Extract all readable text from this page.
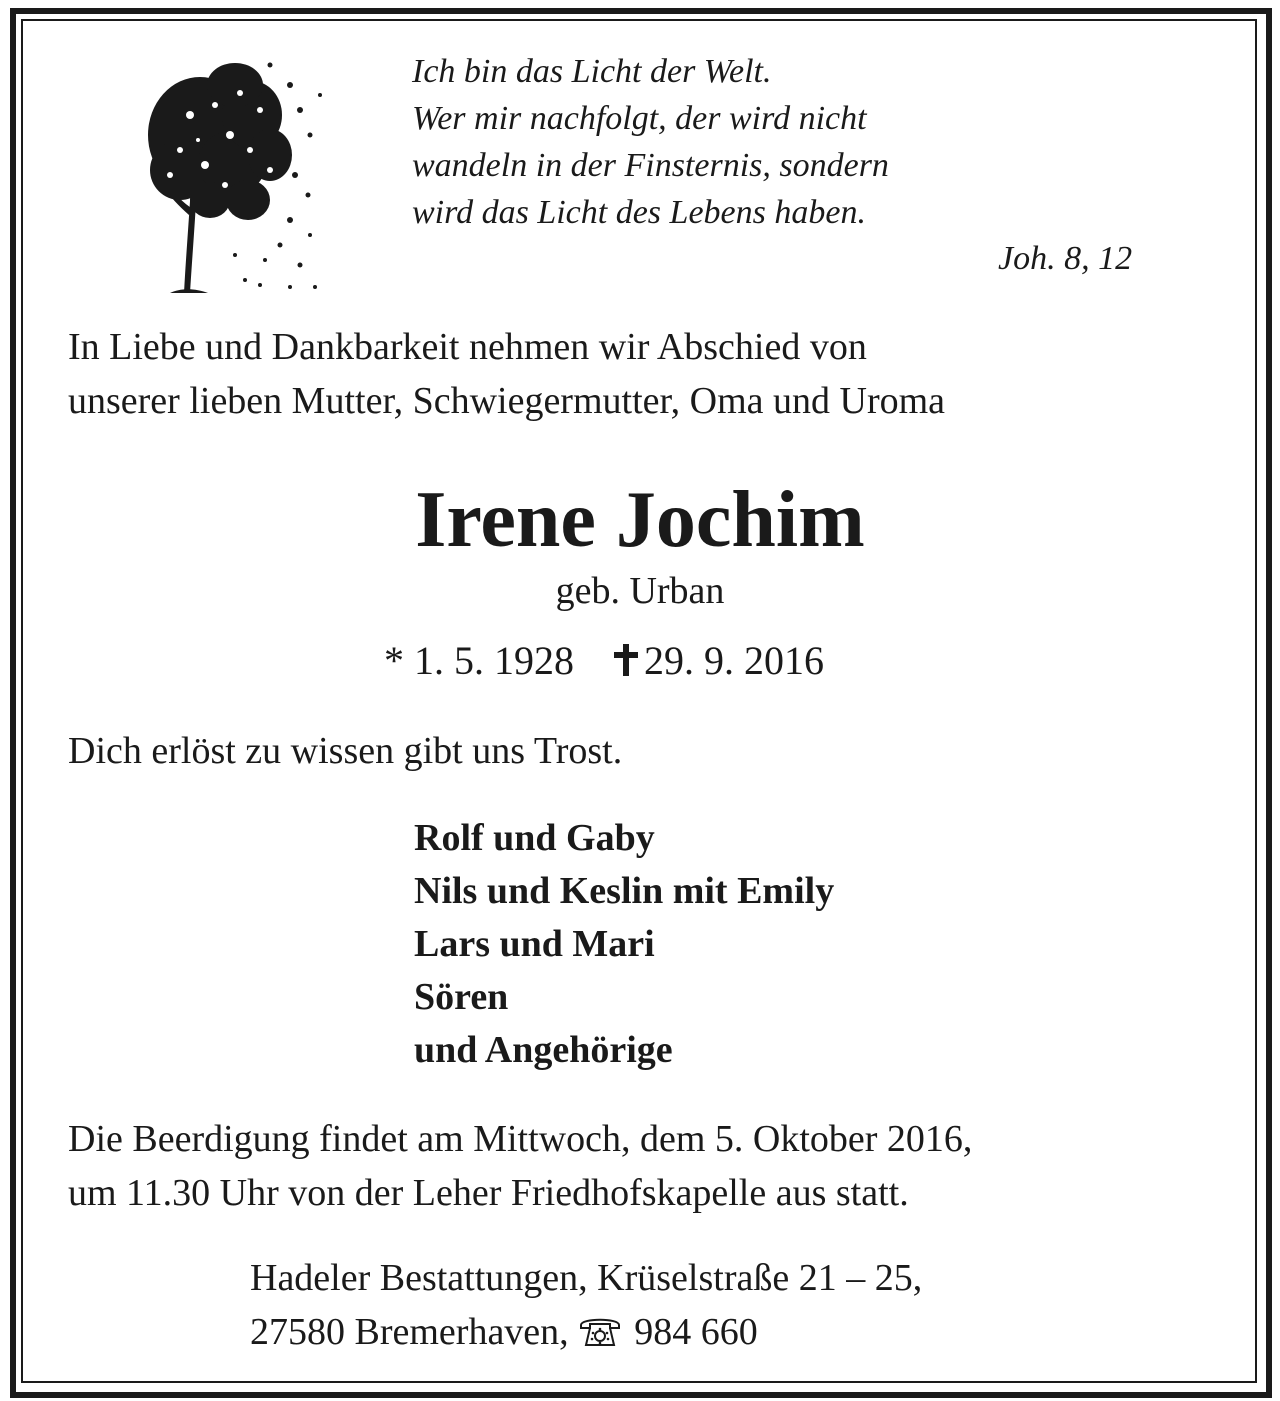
Ich bin das Licht der Welt.
Wer mir nachfolgt, der wird nicht
wandeln in der Finsternis, sondern
wird das Licht des Lebens haben.
Joh. 8, 12
In Liebe und Dankbarkeit nehmen wir Abschied von
unserer lieben Mutter, Schwiegermutter, Oma und Uroma
Irene Jochim
geb. Urban
* 1. 5. 1928 29. 9. 2016
Dich erlöst zu wissen gibt uns Trost.
Rolf und Gaby
Nils und Keslin mit Emily
Lars und Mari
Sören
und Angehörige
Die Beerdigung findet am Mittwoch, dem 5. Oktober 2016,
um 11.30 Uhr von der Leher Friedhofskapelle aus statt.
Hadeler Bestattungen, Krüselstraße 21 – 25,
27580 Bremerhaven, 984 660
